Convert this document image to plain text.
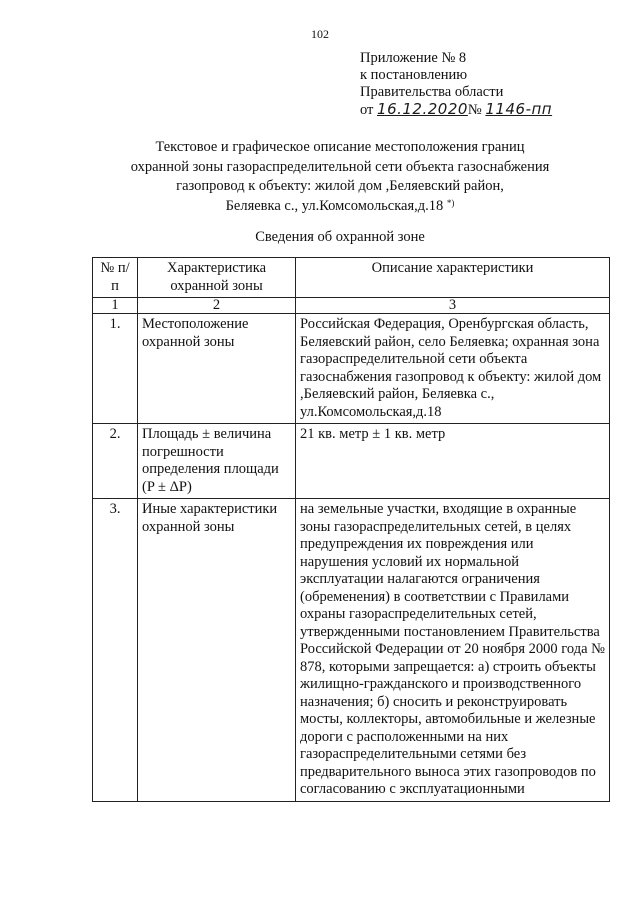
102
Приложение № 8
к постановлению
Правительства области
от 16.12.2020№ 1146-пп
Текстовое и графическое описание местоположения границ
охранной зоны газораспределительной сети объекта газоснабжения
газопровод к объекту: жилой дом ,Беляевский район,
Беляевка с., ул.Комсомольская,д.18 *)
Сведения об охранной зоне
№ п/п	Характеристика охранной зоны	Описание характеристики
1	2	3
1.	Местоположение охранной зоны	Российская Федерация, Оренбургская область, Беляевский район, село Беляевка; охранная зона газораспределительной сети объекта газоснабжения газопровод к объекту: жилой дом ,Беляевский район, Беляевка с., ул.Комсомольская,д.18
2.	Площадь ± величина погрешности определения площади (P ± ΔP)	21 кв. метр ± 1 кв. метр
3.	Иные характеристики охранной зоны	на земельные участки, входящие в охранные зоны газораспределительных сетей, в целях предупреждения их повреждения или нарушения условий их нормальной эксплуатации налагаются ограничения (обременения) в соответствии с Правилами охраны газораспределительных сетей, утвержденными постановлением Правительства Российской Федерации от 20 ноября 2000 года № 878, которыми запрещается: а) строить объекты жилищно-гражданского и производственного назначения; б) сносить и реконструировать мосты, коллекторы, автомобильные и железные дороги с расположенными на них газораспределительными сетями без предварительного выноса этих газопроводов по согласованию с эксплуатационными
